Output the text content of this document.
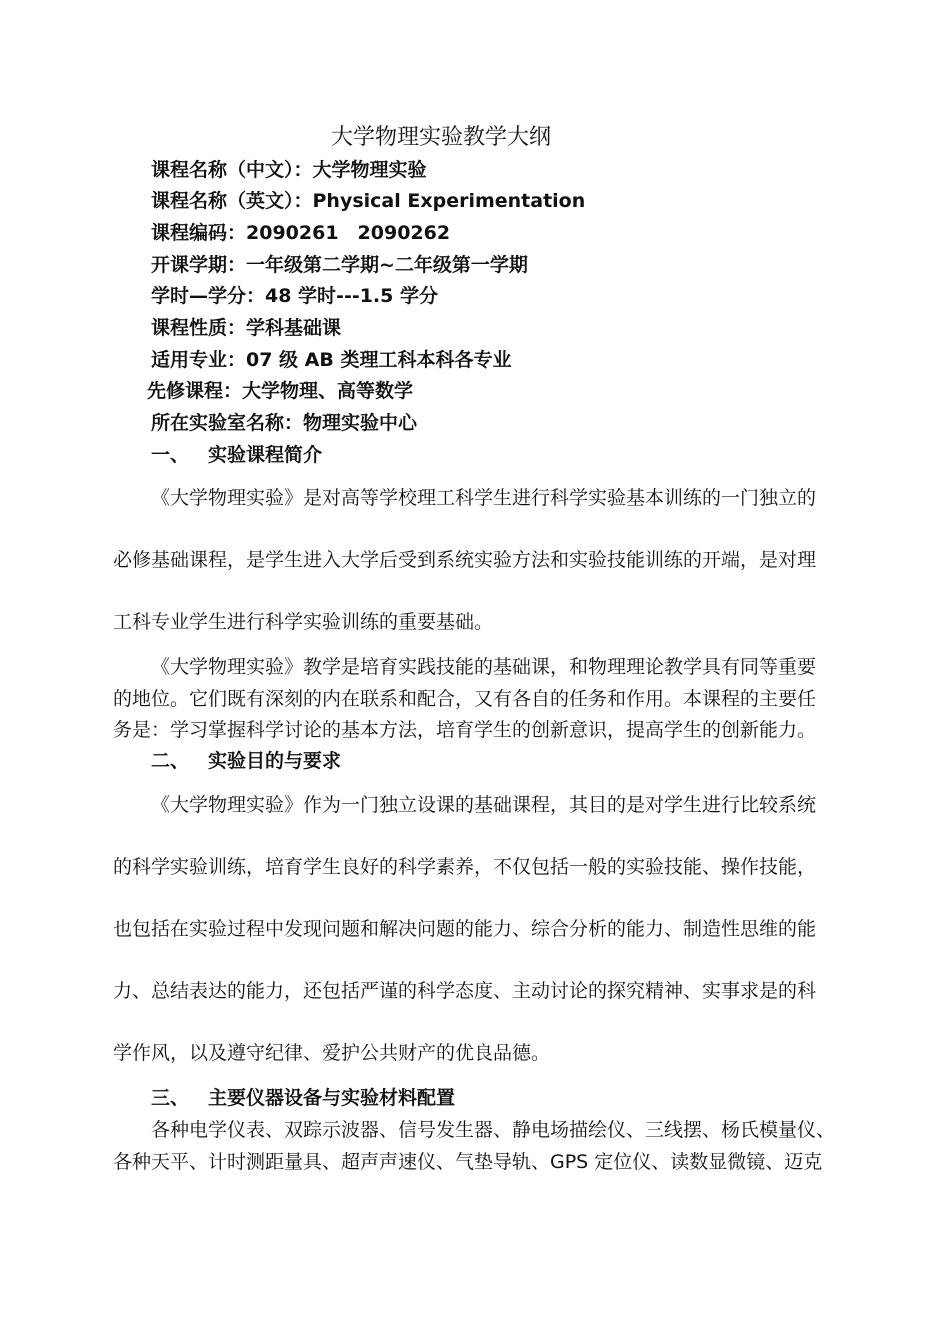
大学物理实验教学大纲
课程名称（中文）：大学物理实验
课程名称（英文）：Physical Experimentation
课程编码：2090261　2090262
开课学期：一年级第二学期~二年级第一学期
学时—学分：48 学时---1.5 学分
课程性质：学科基础课
适用专业：07 级 AB 类理工科本科各专业
先修课程：大学物理、高等数学
所在实验室名称：物理实验中心
一、 实验课程简介
《大学物理实验》是对高等学校理工科学生进行科学实验基本训练的一门独立的
必修基础课程，是学生进入大学后受到系统实验方法和实验技能训练的开端，是对理
工科专业学生进行科学实验训练的重要基础。
《大学物理实验》教学是培育实践技能的基础课，和物理理论教学具有同等重要
的地位。它们既有深刻的内在联系和配合，又有各自的任务和作用。本课程的主要任
务是：学习掌握科学讨论的基本方法，培育学生的创新意识，提高学生的创新能力。
二、 实验目的与要求
《大学物理实验》作为一门独立设课的基础课程，其目的是对学生进行比较系统
的科学实验训练，培育学生良好的科学素养，不仅包括一般的实验技能、操作技能，
也包括在实验过程中发现问题和解决问题的能力、综合分析的能力、制造性思维的能
力、总结表达的能力，还包括严谨的科学态度、主动讨论的探究精神、实事求是的科
学作风，以及遵守纪律、爱护公共财产的优良品德。
三、 主要仪器设备与实验材料配置
各种电学仪表、双踪示波器、信号发生器、静电场描绘仪、三线摆、杨氏模量仪、
各种天平、计时测距量具、超声声速仪、气垫导轨、GPS 定位仪、读数显微镜、迈克
